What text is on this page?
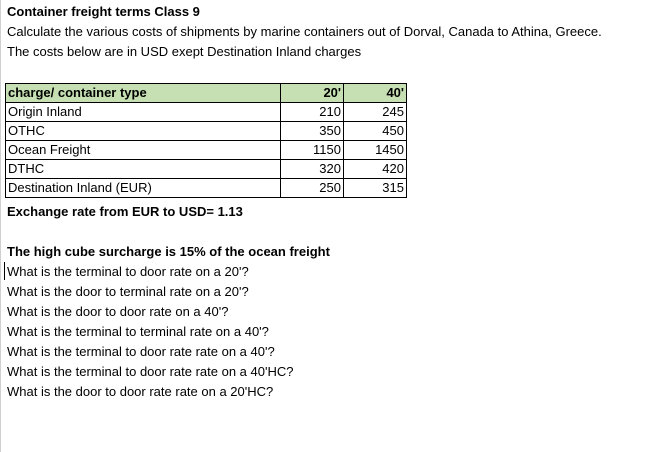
Container freight terms Class 9
Calculate the various costs of shipments by marine containers out of Dorval, Canada to Athina, Greece.
The costs below are in USD exept Destination Inland charges
charge/ container type	20'	40'
Origin Inland	210	245
OTHC	350	450
Ocean Freight	1150	1450
DTHC	320	420
Destination Inland (EUR)	250	315
Exchange rate from EUR to USD= 1.13
The high cube surcharge is 15% of the ocean freight
What is the terminal to door rate on a 20'?
What is the door to terminal rate on a 20'?
What is the door to door rate on a 40'?
What is the terminal to terminal rate on a 40'?
What is the terminal to door rate rate on a 40'?
What is the terminal to door rate rate on a 40'HC?
What is the door to door rate rate on a 20'HC?
